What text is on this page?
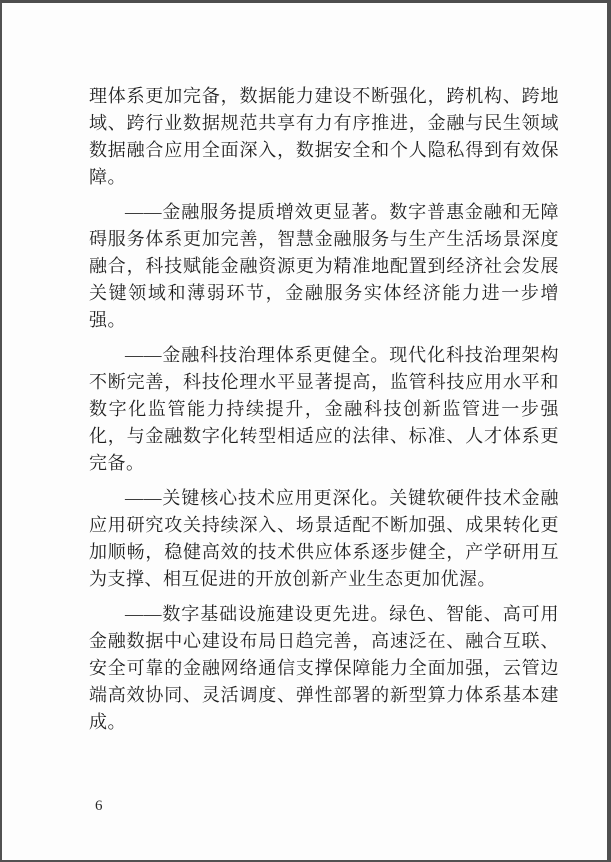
理体系更加完备，数据能力建设不断强化，跨机构、跨地域、跨行业数据规范共享有力有序推进，金融与民生领域数据融合应用全面深入，数据安全和个人隐私得到有效保障。

——金融服务提质增效更显著。数字普惠金融和无障碍服务体系更加完善，智慧金融服务与生产生活场景深度融合，科技赋能金融资源更为精准地配置到经济社会发展关键领域和薄弱环节，金融服务实体经济能力进一步增强。

——金融科技治理体系更健全。现代化科技治理架构不断完善，科技伦理水平显著提高，监管科技应用水平和数字化监管能力持续提升，金融科技创新监管进一步强化，与金融数字化转型相适应的法律、标准、人才体系更完备。

——关键核心技术应用更深化。关键软硬件技术金融应用研究攻关持续深入、场景适配不断加强、成果转化更加顺畅，稳健高效的技术供应体系逐步健全，产学研用互为支撑、相互促进的开放创新产业生态更加优渥。

——数字基础设施建设更先进。绿色、智能、高可用金融数据中心建设布局日趋完善，高速泛在、融合互联、安全可靠的金融网络通信支撑保障能力全面加强，云管边端高效协同、灵活调度、弹性部署的新型算力体系基本建成。

6
